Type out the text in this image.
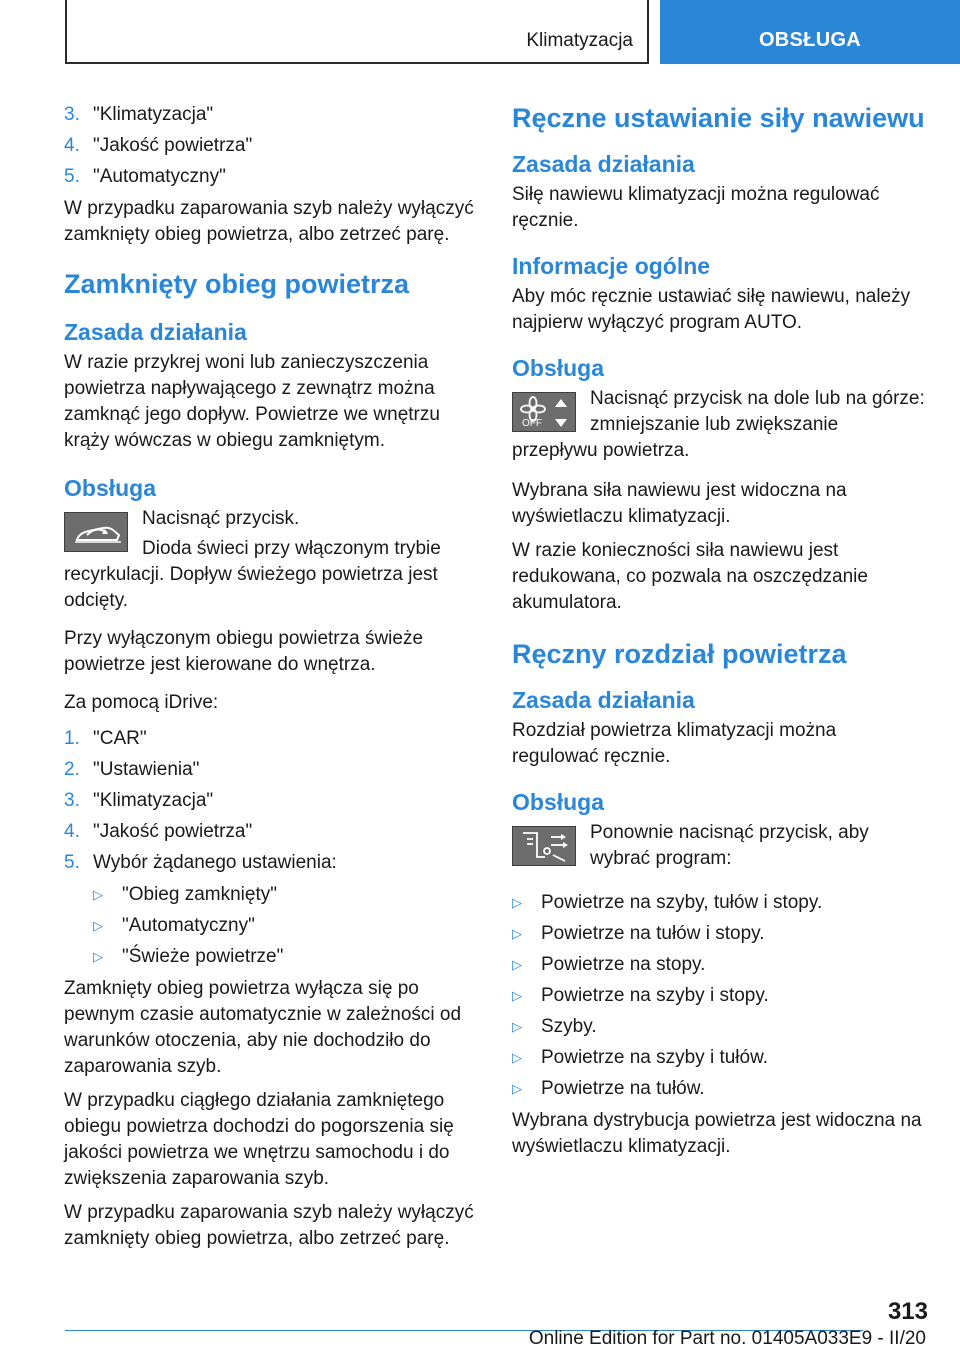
Klimatyzacja	OBSŁUGA
3. "Klimatyzacja"
4. "Jakość powietrza"
5. "Automatyczny"

W przypadku zaparowania szyb należy wyłączyć zamknięty obieg powietrza, albo zetrzeć parę.

Zamknięty obieg powietrza
Zasada działania

W razie przykrej woni lub zanieczyszczenia powietrza napływającego z zewnątrz można zamknąć jego dopływ. Powietrze we wnętrzu krąży wówczas w obiegu zamkniętym.

Obsługa

Nacisnąć przycisk.

Dioda świeci przy włączonym trybie recyrkulacji. Dopływ świeżego powietrza jest odcięty.

Przy wyłączonym obiegu powietrza świeże powietrze jest kierowane do wnętrza.

Za pomocą iDrive:

1. "CAR"
2. "Ustawienia"
3. "Klimatyzacja"
4. "Jakość powietrza"
5. Wybór żądanego ustawienia:
▷	"Obieg zamknięty"
▷	"Automatyczny"
▷	"Świeże powietrze"

Zamknięty obieg powietrza wyłącza się po pewnym czasie automatycznie w zależności od warunków otoczenia, aby nie dochodziło do zaparowania szyb.

W przypadku ciągłego działania zamkniętego obiegu powietrza dochodzi do pogorszenia się jakości powietrza we wnętrzu samochodu i do zwiększenia zaparowania szyb.

W przypadku zaparowania szyb należy wyłączyć zamknięty obieg powietrza, albo zetrzeć parę.

Ręczne ustawianie siły nawiewu
Zasada działania

Siłę nawiewu klimatyzacji można regulować ręcznie.

Informacje ogólne

Aby móc ręcznie ustawiać siłę nawiewu, należy najpierw wyłączyć program AUTO.

Obsługa
OFF

Nacisnąć przycisk na dole lub na górze: zmniejszanie lub zwiększanie przepływu powietrza.

Wybrana siła nawiewu jest widoczna na wyświetlaczu klimatyzacji.

W razie konieczności siła nawiewu jest redukowana, co pozwala na oszczędzanie akumulatora.

Ręczny rozdział powietrza
Zasada działania

Rozdział powietrza klimatyzacji można regulować ręcznie.

Obsługa

Ponownie nacisnąć przycisk, aby wybrać program:

▷	Powietrze na szyby, tułów i stopy.
▷	Powietrze na tułów i stopy.
▷	Powietrze na stopy.
▷	Powietrze na szyby i stopy.
▷	Szyby.
▷	Powietrze na szyby i tułów.
▷	Powietrze na tułów.

Wybrana dystrybucja powietrza jest widoczna na wyświetlaczu klimatyzacji.

313
Online Edition for Part no. 01405A033E9 - II/20
